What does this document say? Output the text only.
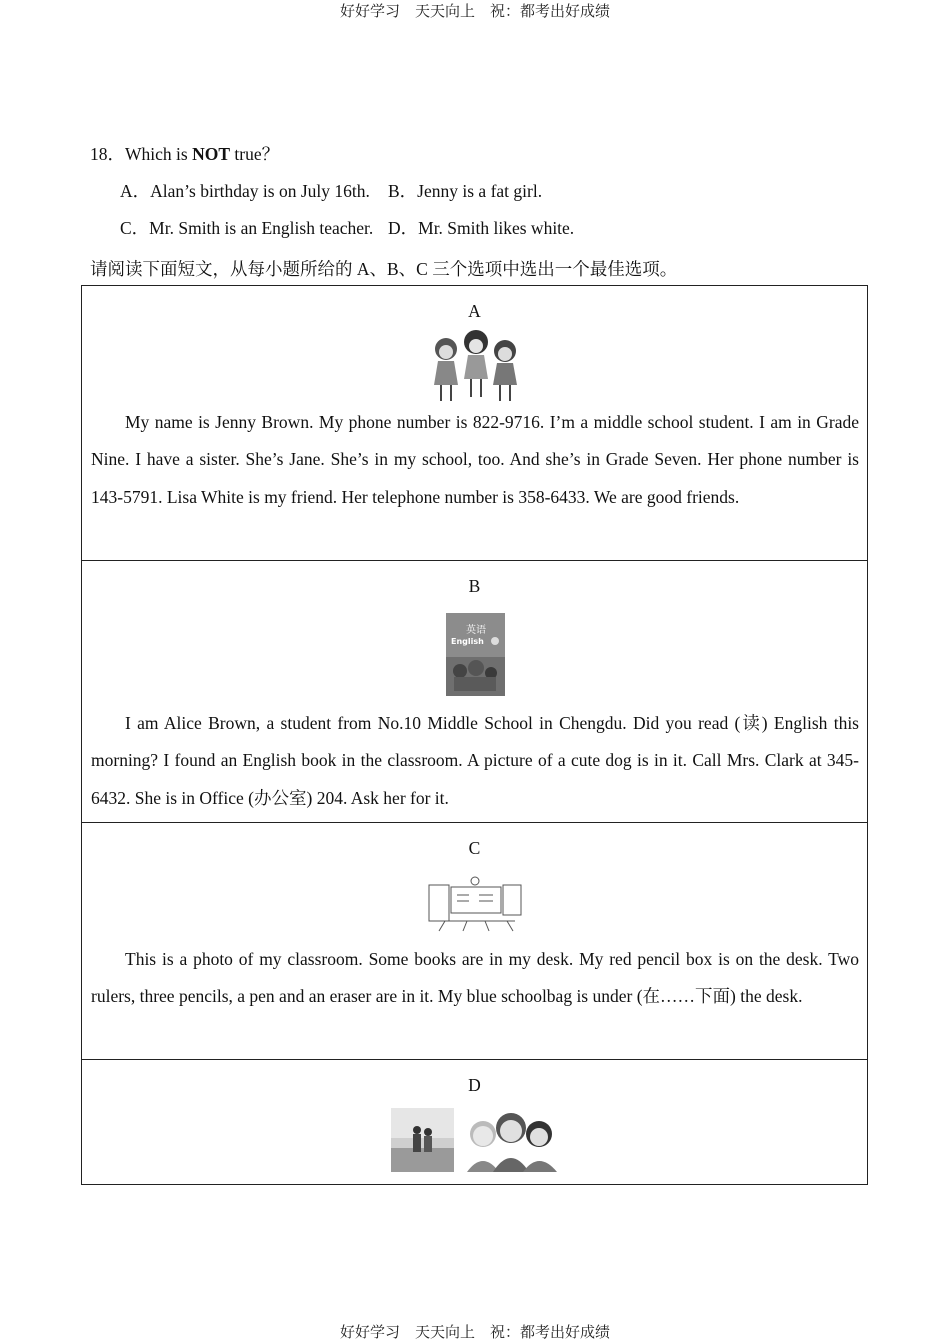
好好学习　天天向上　祝：都考出好成绩
18．Which is NOT true？
A．Alan’s birthday is on July 16th. B．Jenny is a fat girl.
C．Mr. Smith is an English teacher. D．Mr. Smith likes white.
请阅读下面短文，从每小题所给的 A、B、C 三个选项中选出一个最佳选项。
A
My name is Jenny Brown. My phone number is 822-9716. I’m a middle school student. I am in Grade Nine. I have a sister. She’s Jane. She’s in my school, too. And she’s in Grade Seven. Her phone number is 143-5791. Lisa White is my friend. Her telephone number is 358-6433. We are good friends.
B
英语
English
I am Alice Brown, a student from No.10 Middle School in Chengdu. Did you read (读) English this morning? I found an English book in the classroom. A picture of a cute dog is in it. Call Mrs. Clark at 345-6432. She is in Office (办公室) 204. Ask her for it.
C
This is a photo of my classroom. Some books are in my desk. My red pencil box is on the desk. Two rulers, three pencils, a pen and an eraser are in it. My blue schoolbag is under (在……下面) the desk.
D
好好学习　天天向上　祝：都考出好成绩
